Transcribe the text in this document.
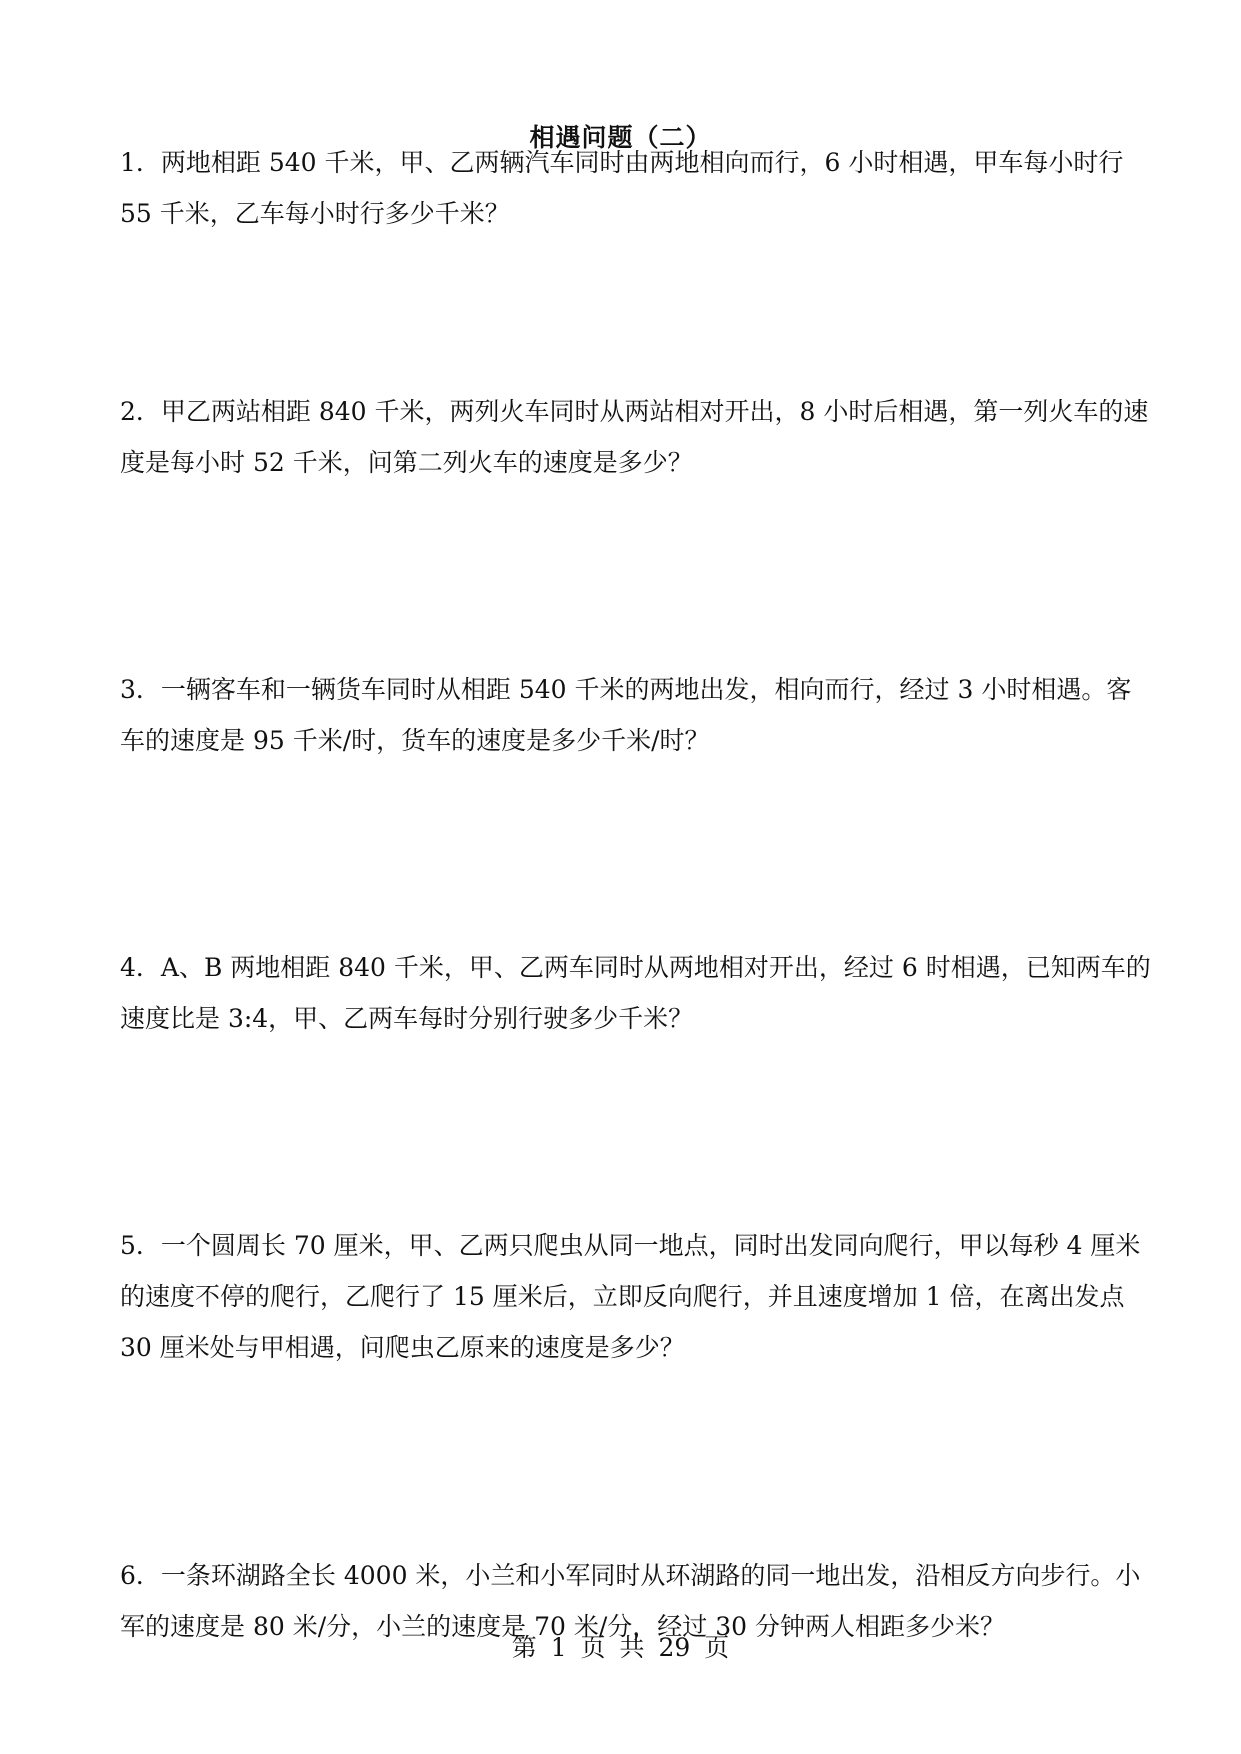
相遇问题（二）
1．两地相距 540 千米，甲、乙两辆汽车同时由两地相向而行，6 小时相遇，甲车每小时行
55 千米，乙车每小时行多少千米？
2．甲乙两站相距 840 千米，两列火车同时从两站相对开出，8 小时后相遇，第一列火车的速
度是每小时 52 千米，问第二列火车的速度是多少？
3．一辆客车和一辆货车同时从相距 540 千米的两地出发，相向而行，经过 3 小时相遇。客
车的速度是 95 千米/时，货车的速度是多少千米/时？
4．A、B 两地相距 840 千米，甲、乙两车同时从两地相对开出，经过 6 时相遇，已知两车的
速度比是 3:4，甲、乙两车每时分别行驶多少千米？
5．一个圆周长 70 厘米，甲、乙两只爬虫从同一地点，同时出发同向爬行，甲以每秒 4 厘米
的速度不停的爬行，乙爬行了 15 厘米后，立即反向爬行，并且速度增加 1 倍，在离出发点
30 厘米处与甲相遇，问爬虫乙原来的速度是多少？
6．一条环湖路全长 4000 米，小兰和小军同时从环湖路的同一地出发，沿相反方向步行。小
军的速度是 80 米/分，小兰的速度是 70 米/分，经过 30 分钟两人相距多少米？
第 1 页 共 29 页
